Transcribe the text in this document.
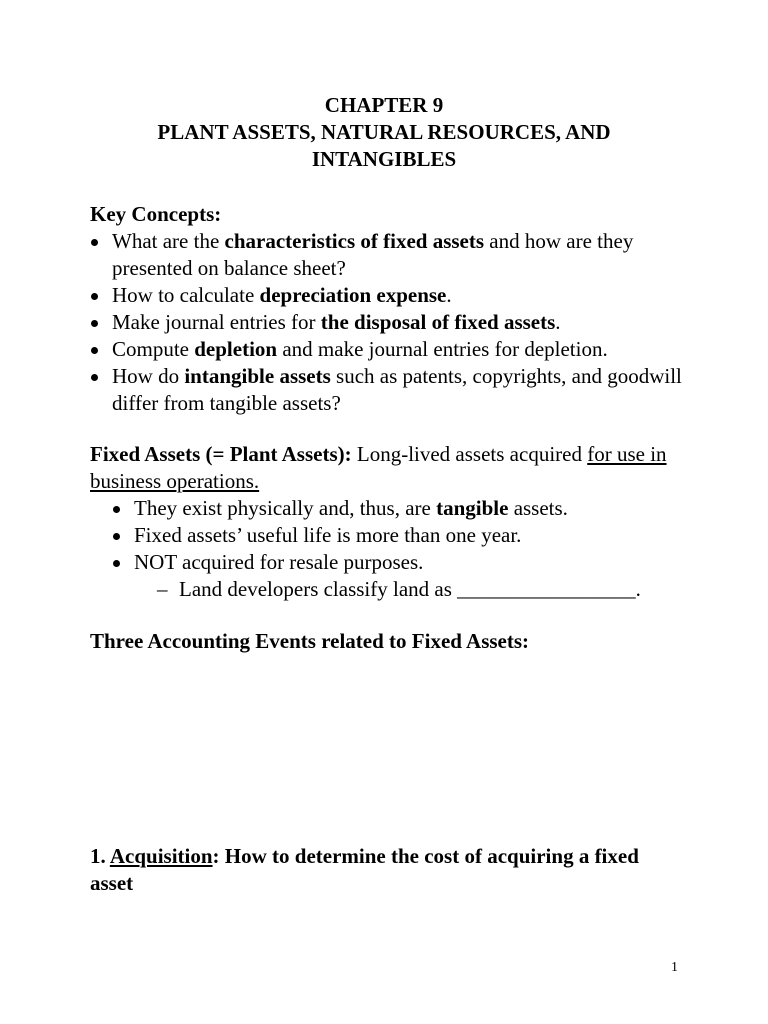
CHAPTER 9
PLANT ASSETS, NATURAL RESOURCES, AND
INTANGIBLES
Key Concepts:
What are the characteristics of fixed assets and how are they presented on balance sheet?
How to calculate depreciation expense.
Make journal entries for the disposal of fixed assets.
Compute depletion and make journal entries for depletion.
How do intangible assets such as patents, copyrights, and goodwill differ from tangible assets?
Fixed Assets (= Plant Assets): Long-lived assets acquired for use in business operations.
They exist physically and, thus, are tangible assets.
Fixed assets’ useful life is more than one year.
NOT acquired for resale purposes.
– Land developers classify land as _________________.
Three Accounting Events related to Fixed Assets:
1. Acquisition: How to determine the cost of acquiring a fixed asset
1
